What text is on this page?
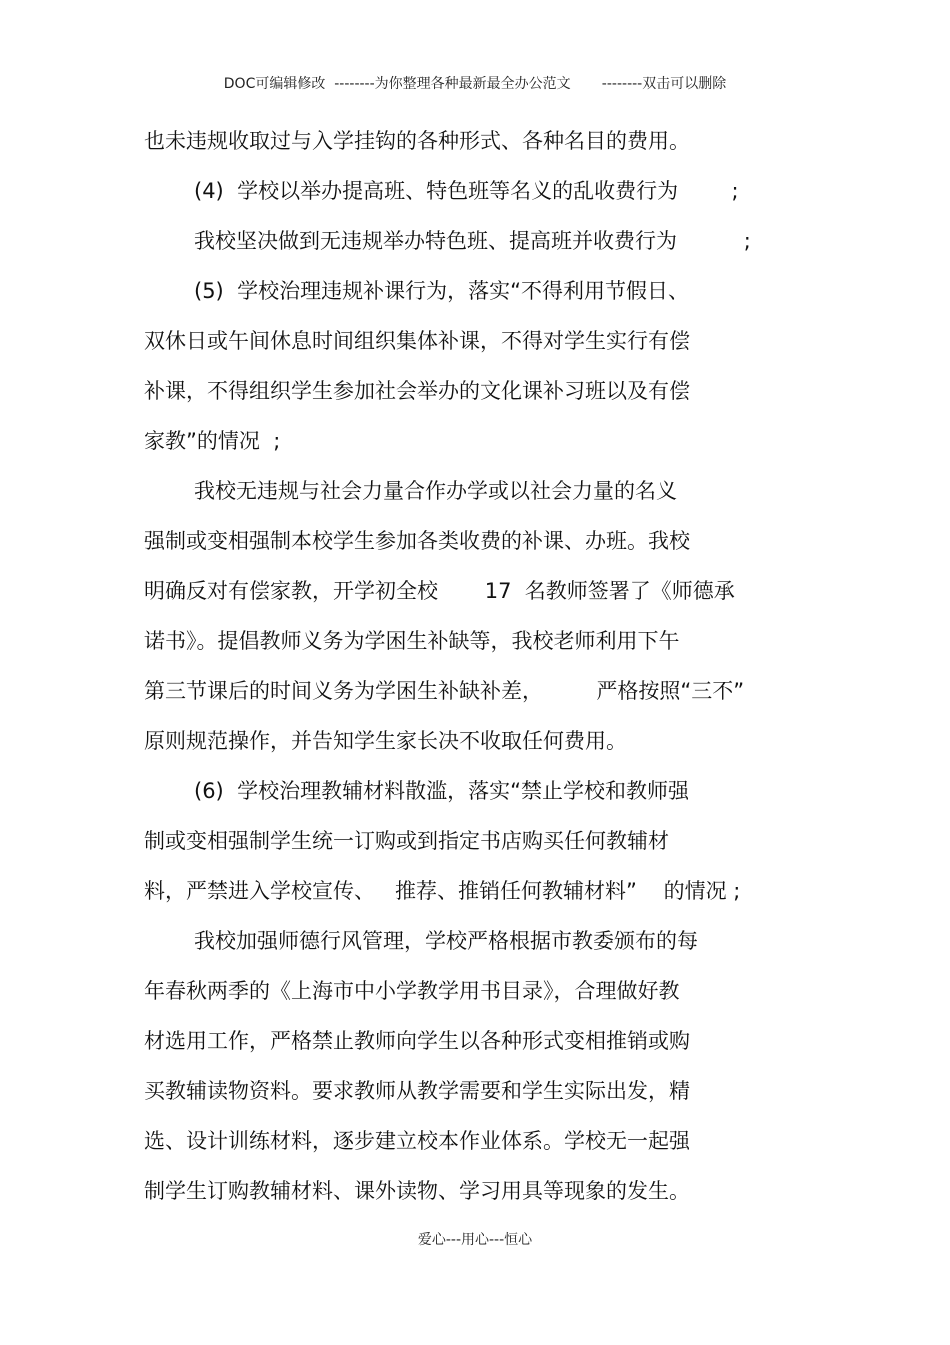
DOC可编辑修改  --------为你整理各种最新最全办公范文       --------双击可以删除
也未违规收取过与入学挂钩的各种形式、各种名目的费用。
(4)  学校以举办提高班、特色班等名义的乱收费行为        ;
我校坚决做到无违规举办特色班、提高班并收费行为          ;
(5)  学校治理违规补课行为，落实“不得利用节假日、
双休日或午间休息时间组织集体补课，不得对学生实行有偿
补课，不得组织学生参加社会举办的文化课补习班以及有偿
家教”的情况  ;
我校无违规与社会力量合作办学或以社会力量的名义
强制或变相强制本校学生参加各类收费的补课、办班。我校
明确反对有偿家教，开学初全校       17  名教师签署了《师德承
诺书》。提倡教师义务为学困生补缺等，我校老师利用下午
第三节课后的时间义务为学困生补缺补差，        严格按照“三不”
原则规范操作，并告知学生家长决不收取任何费用。
(6)  学校治理教辅材料散滥，落实“禁止学校和教师强
制或变相强制学生统一订购或到指定书店购买任何教辅材
料，严禁进入学校宣传、   推荐、推销任何教辅材料”    的情况 ;
我校加强师德行风管理，学校严格根据市教委颁布的每
年春秋两季的《上海市中小学教学用书目录》，合理做好教
材选用工作，严格禁止教师向学生以各种形式变相推销或购
买教辅读物资料。要求教师从教学需要和学生实际出发，精
选、设计训练材料，逐步建立校本作业体系。学校无一起强
制学生订购教辅材料、课外读物、学习用具等现象的发生。
爱心---用心---恒心
